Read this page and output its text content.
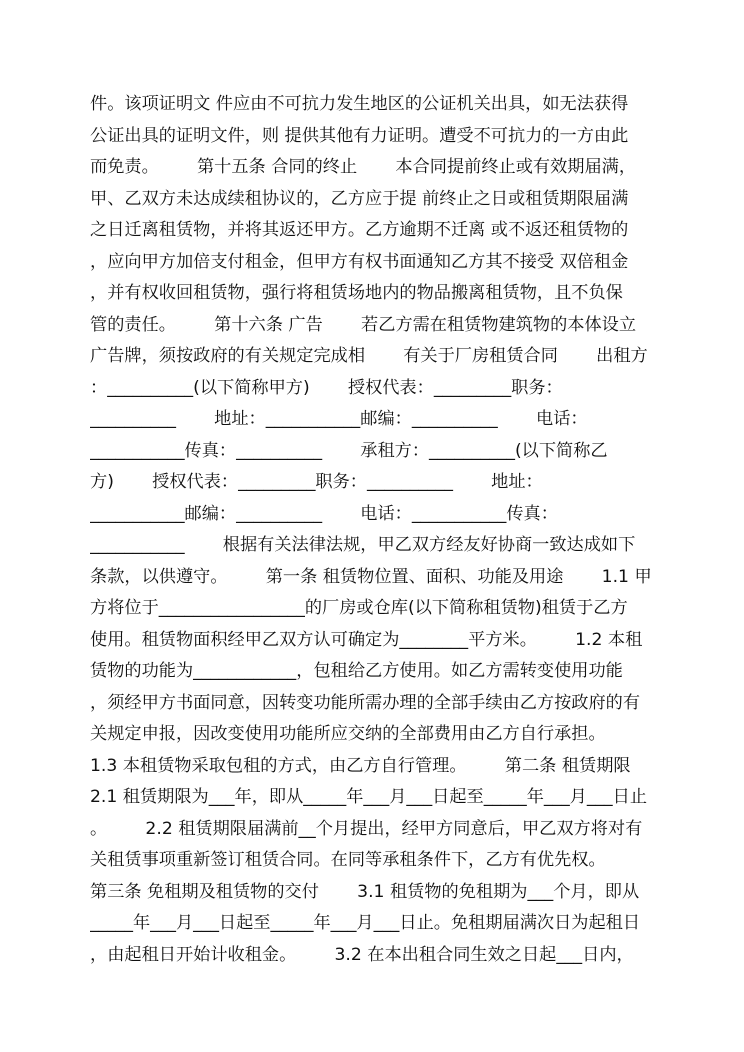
件。该项证明文 件应由不可抗力发生地区的公证机关出具，如无法获得
公证出具的证明文件，则 提供其他有力证明。遭受不可抗力的一方由此
而免责。       第十五条 合同的终止       本合同提前终止或有效期届满，
甲、乙双方未达成续租协议的，乙方应于提 前终止之日或租赁期限届满
之日迁离租赁物，并将其返还甲方。乙方逾期不迁离 或不返还租赁物的
，应向甲方加倍支付租金，但甲方有权书面通知乙方其不接受 双倍租金
，并有权收回租赁物，强行将租赁场地内的物品搬离租赁物，且不负保
管的责任。       第十六条 广告       若乙方需在租赁物建筑物的本体设立
广告牌，须按政府的有关规定完成相       有关于厂房租赁合同       出租方
：__________(以下简称甲方)       授权代表：_________职务：
__________       地址：___________邮编：__________       电话：
___________传真：__________       承租方：__________(以下简称乙
方)       授权代表：_________职务：__________       地址：
___________邮编：__________       电话：___________传真：
___________       根据有关法律法规，甲乙双方经友好协商一致达成如下
条款，以供遵守。       第一条 租赁物位置、面积、功能及用途       1.1 甲
方将位于_________________的厂房或仓库(以下简称租赁物)租赁于乙方
使用。租赁物面积经甲乙双方认可确定为________平方米。       1.2 本租
赁物的功能为____________，包租给乙方使用。如乙方需转变使用功能
，须经甲方书面同意，因转变功能所需办理的全部手续由乙方按政府的有
关规定申报，因改变使用功能所应交纳的全部费用由乙方自行承担。
1.3 本租赁物采取包租的方式，由乙方自行管理。       第二条 租赁期限
2.1 租赁期限为___年，即从_____年___月___日起至_____年___月___日止
。       2.2 租赁期限届满前__个月提出，经甲方同意后，甲乙双方将对有
关租赁事项重新签订租赁合同。在同等承租条件下，乙方有优先权。
第三条 免租期及租赁物的交付       3.1 租赁物的免租期为___个月，即从
_____年___月___日起至_____年___月___日止。免租期届满次日为起租日
，由起租日开始计收租金。       3.2 在本出租合同生效之日起___日内，
